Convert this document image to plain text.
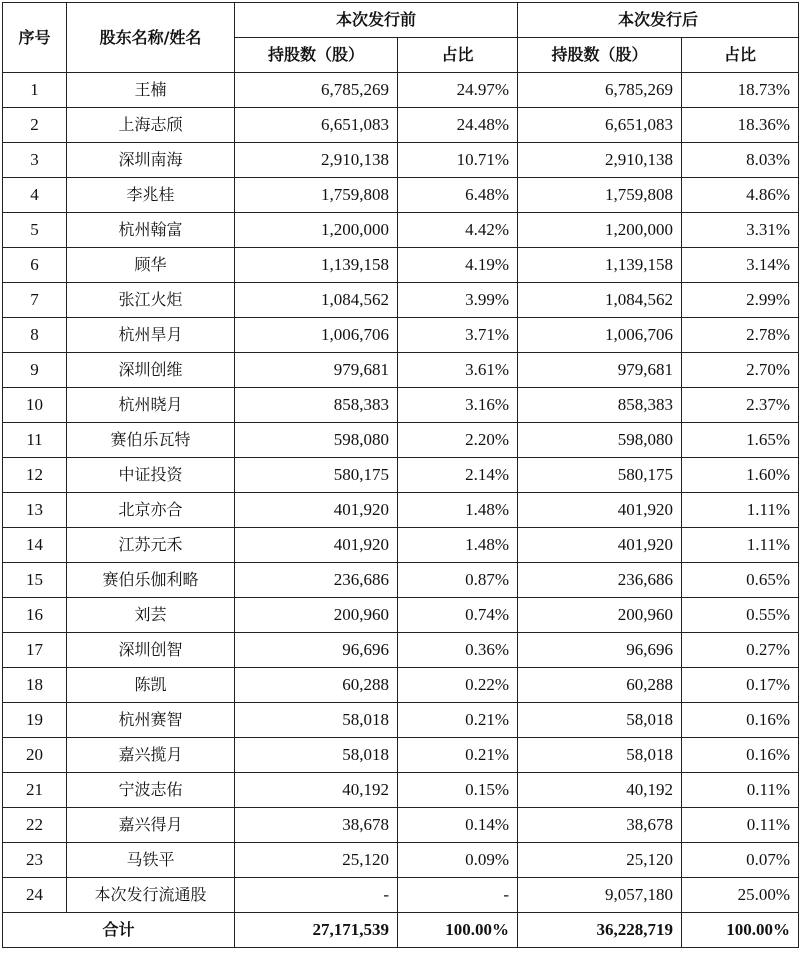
序号	股东名称/姓名	本次发行前		本次发行后	
		持股数（股）	占比	持股数（股）	占比
1	王楠	6,785,269	24.97%	6,785,269	18.73%
2	上海志颀	6,651,083	24.48%	6,651,083	18.36%
3	深圳南海	2,910,138	10.71%	2,910,138	8.03%
4	李兆桂	1,759,808	6.48%	1,759,808	4.86%
5	杭州翰富	1,200,000	4.42%	1,200,000	3.31%
6	顾华	1,139,158	4.19%	1,139,158	3.14%
7	张江火炬	1,084,562	3.99%	1,084,562	2.99%
8	杭州旱月	1,006,706	3.71%	1,006,706	2.78%
9	深圳创维	979,681	3.61%	979,681	2.70%
10	杭州晓月	858,383	3.16%	858,383	2.37%
11	赛伯乐瓦特	598,080	2.20%	598,080	1.65%
12	中证投资	580,175	2.14%	580,175	1.60%
13	北京亦合	401,920	1.48%	401,920	1.11%
14	江苏元禾	401,920	1.48%	401,920	1.11%
15	赛伯乐伽利略	236,686	0.87%	236,686	0.65%
16	刘芸	200,960	0.74%	200,960	0.55%
17	深圳创智	96,696	0.36%	96,696	0.27%
18	陈凯	60,288	0.22%	60,288	0.17%
19	杭州赛智	58,018	0.21%	58,018	0.16%
20	嘉兴揽月	58,018	0.21%	58,018	0.16%
21	宁波志佑	40,192	0.15%	40,192	0.11%
22	嘉兴得月	38,678	0.14%	38,678	0.11%
23	马铁平	25,120	0.09%	25,120	0.07%
24	本次发行流通股	-	-	9,057,180	25.00%
合计		27,171,539	100.00%	36,228,719	100.00%
